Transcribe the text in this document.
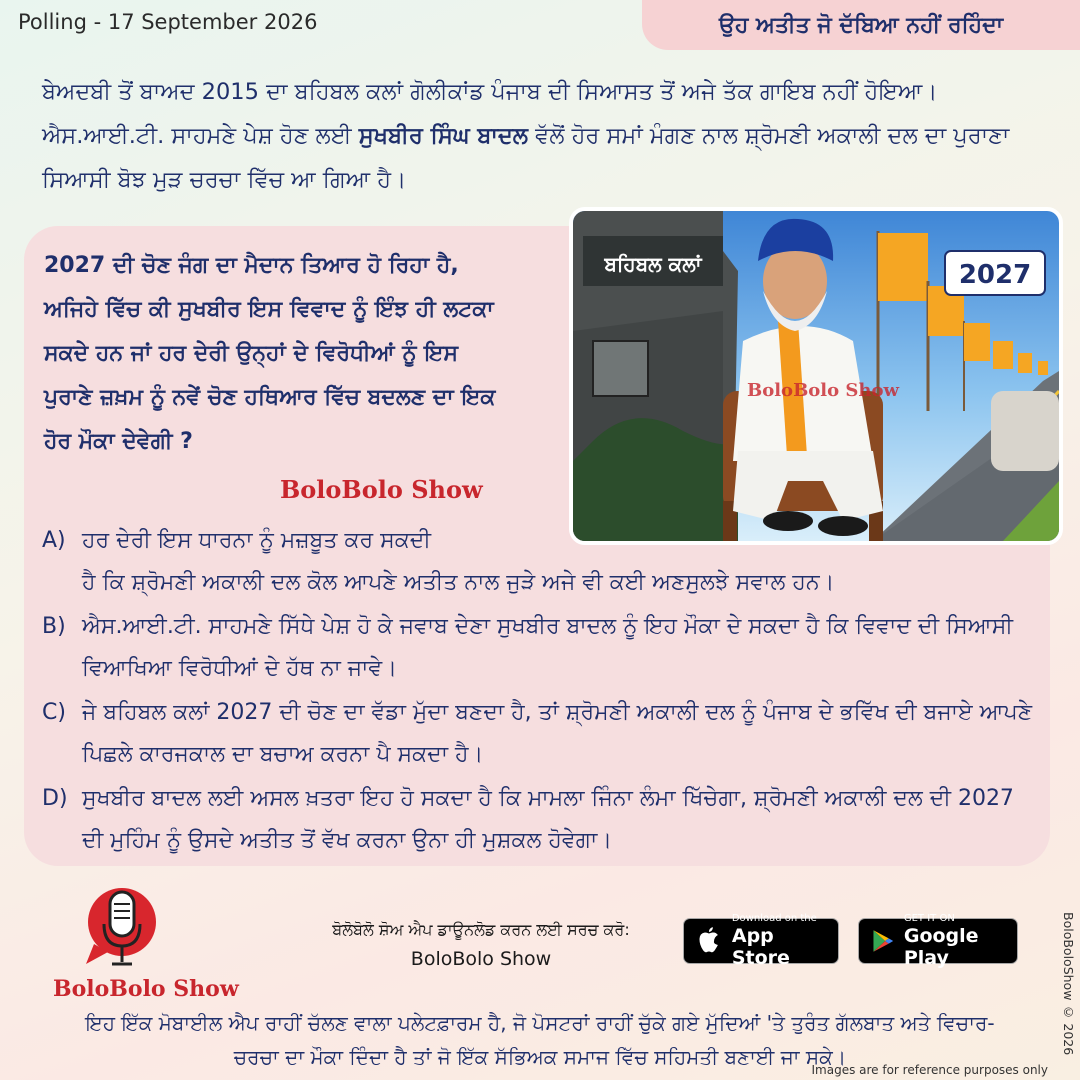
Polling - 17 September 2026	ਉਹ ਅਤੀਤ ਜੋ ਦੱਬਿਆ ਨਹੀਂ ਰਹਿੰਦਾ

ਬੇਅਦਬੀ ਤੋਂ ਬਾਅਦ 2015 ਦਾ ਬਹਿਬਲ ਕਲਾਂ ਗੋਲੀਕਾਂਡ ਪੰਜਾਬ ਦੀ ਸਿਆਸਤ ਤੋਂ ਅਜੇ ਤੱਕ ਗਾਇਬ ਨਹੀਂ ਹੋਇਆ। ਐਸ.ਆਈ.ਟੀ. ਸਾਹਮਣੇ ਪੇਸ਼ ਹੋਣ ਲਈ ਸੁਖਬੀਰ ਸਿੰਘ ਬਾਦਲ ਵੱਲੋਂ ਹੋਰ ਸਮਾਂ ਮੰਗਣ ਨਾਲ ਸ਼੍ਰੋਮਣੀ ਅਕਾਲੀ ਦਲ ਦਾ ਪੁਰਾਣਾ ਸਿਆਸੀ ਬੋਝ ਮੁੜ ਚਰਚਾ ਵਿੱਚ ਆ ਗਿਆ ਹੈ।

2027 ਦੀ ਚੋਣ ਜੰਗ ਦਾ ਮੈਦਾਨ ਤਿਆਰ ਹੋ ਰਿਹਾ ਹੈ, ਅਜਿਹੇ ਵਿੱਚ ਕੀ ਸੁਖਬੀਰ ਇਸ ਵਿਵਾਦ ਨੂੰ ਇੰਝ ਹੀ ਲਟਕਾ ਸਕਦੇ ਹਨ ਜਾਂ ਹਰ ਦੇਰੀ ਉਨ੍ਹਾਂ ਦੇ ਵਿਰੋਧੀਆਂ ਨੂੰ ਇਸ ਪੁਰਾਣੇ ਜ਼ਖ਼ਮ ਨੂੰ ਨਵੇਂ ਚੋਣ ਹਥਿਆਰ ਵਿੱਚ ਬਦਲਣ ਦਾ ਇਕ ਹੋਰ ਮੌਕਾ ਦੇਵੇਗੀ ?

BoloBolo Show
ਬਹਿਬਲ ਕਲਾਂ	2027
BoloBolo Show
A) ਹਰ ਦੇਰੀ ਇਸ ਧਾਰਨਾ ਨੂੰ ਮਜ਼ਬੂਤ ਕਰ ਸਕਦੀ
ਹੈ ਕਿ ਸ਼੍ਰੋਮਣੀ ਅਕਾਲੀ ਦਲ ਕੋਲ ਆਪਣੇ ਅਤੀਤ ਨਾਲ ਜੁੜੇ ਅਜੇ ਵੀ ਕਈ ਅਣਸੁਲਝੇ ਸਵਾਲ ਹਨ।
B) ਐਸ.ਆਈ.ਟੀ. ਸਾਹਮਣੇ ਸਿੱਧੇ ਪੇਸ਼ ਹੋ ਕੇ ਜਵਾਬ ਦੇਣਾ ਸੁਖਬੀਰ ਬਾਦਲ ਨੂੰ ਇਹ ਮੌਕਾ ਦੇ ਸਕਦਾ ਹੈ ਕਿ ਵਿਵਾਦ ਦੀ ਸਿਆਸੀ ਵਿਆਖਿਆ ਵਿਰੋਧੀਆਂ ਦੇ ਹੱਥ ਨਾ ਜਾਵੇ।
C) ਜੇ ਬਹਿਬਲ ਕਲਾਂ 2027 ਦੀ ਚੋਣ ਦਾ ਵੱਡਾ ਮੁੱਦਾ ਬਣਦਾ ਹੈ, ਤਾਂ ਸ਼੍ਰੋਮਣੀ ਅਕਾਲੀ ਦਲ ਨੂੰ ਪੰਜਾਬ ਦੇ ਭਵਿੱਖ ਦੀ ਬਜਾਏ ਆਪਣੇ ਪਿਛਲੇ ਕਾਰਜਕਾਲ ਦਾ ਬਚਾਅ ਕਰਨਾ ਪੈ ਸਕਦਾ ਹੈ।
D) ਸੁਖਬੀਰ ਬਾਦਲ ਲਈ ਅਸਲ ਖ਼ਤਰਾ ਇਹ ਹੋ ਸਕਦਾ ਹੈ ਕਿ ਮਾਮਲਾ ਜਿੰਨਾ ਲੰਮਾ ਖਿੱਚੇਗਾ, ਸ਼੍ਰੋਮਣੀ ਅਕਾਲੀ ਦਲ ਦੀ 2027 ਦੀ ਮੁਹਿੰਮ ਨੂੰ ਉਸਦੇ ਅਤੀਤ ਤੋਂ ਵੱਖ ਕਰਨਾ ਉਨਾ ਹੀ ਮੁਸ਼ਕਲ ਹੋਵੇਗਾ।
BoloBolo Show
ਬੋਲੋਬੋਲੋ ਸ਼ੋਅ ਐਪ ਡਾਊਨਲੋਡ ਕਰਨ ਲਈ ਸਰਚ ਕਰੋ:
BoloBolo Show
Download on the
App Store
GET IT ON
Google Play

ਇਹ ਇੱਕ ਮੋਬਾਈਲ ਐਪ ਰਾਹੀਂ ਚੱਲਣ ਵਾਲਾ ਪਲੇਟਫ਼ਾਰਮ ਹੈ, ਜੋ ਪੋਸਟਰਾਂ ਰਾਹੀਂ ਚੁੱਕੇ ਗਏ ਮੁੱਦਿਆਂ 'ਤੇ ਤੁਰੰਤ ਗੱਲਬਾਤ ਅਤੇ ਵਿਚਾਰ-ਚਰਚਾ ਦਾ ਮੌਕਾ ਦਿੰਦਾ ਹੈ ਤਾਂ ਜੋ ਇੱਕ ਸੱਭਿਅਕ ਸਮਾਜ ਵਿੱਚ ਸਹਿਮਤੀ ਬਣਾਈ ਜਾ ਸਕੇ।

BoloBoloShow © 2026
Images are for reference purposes only
